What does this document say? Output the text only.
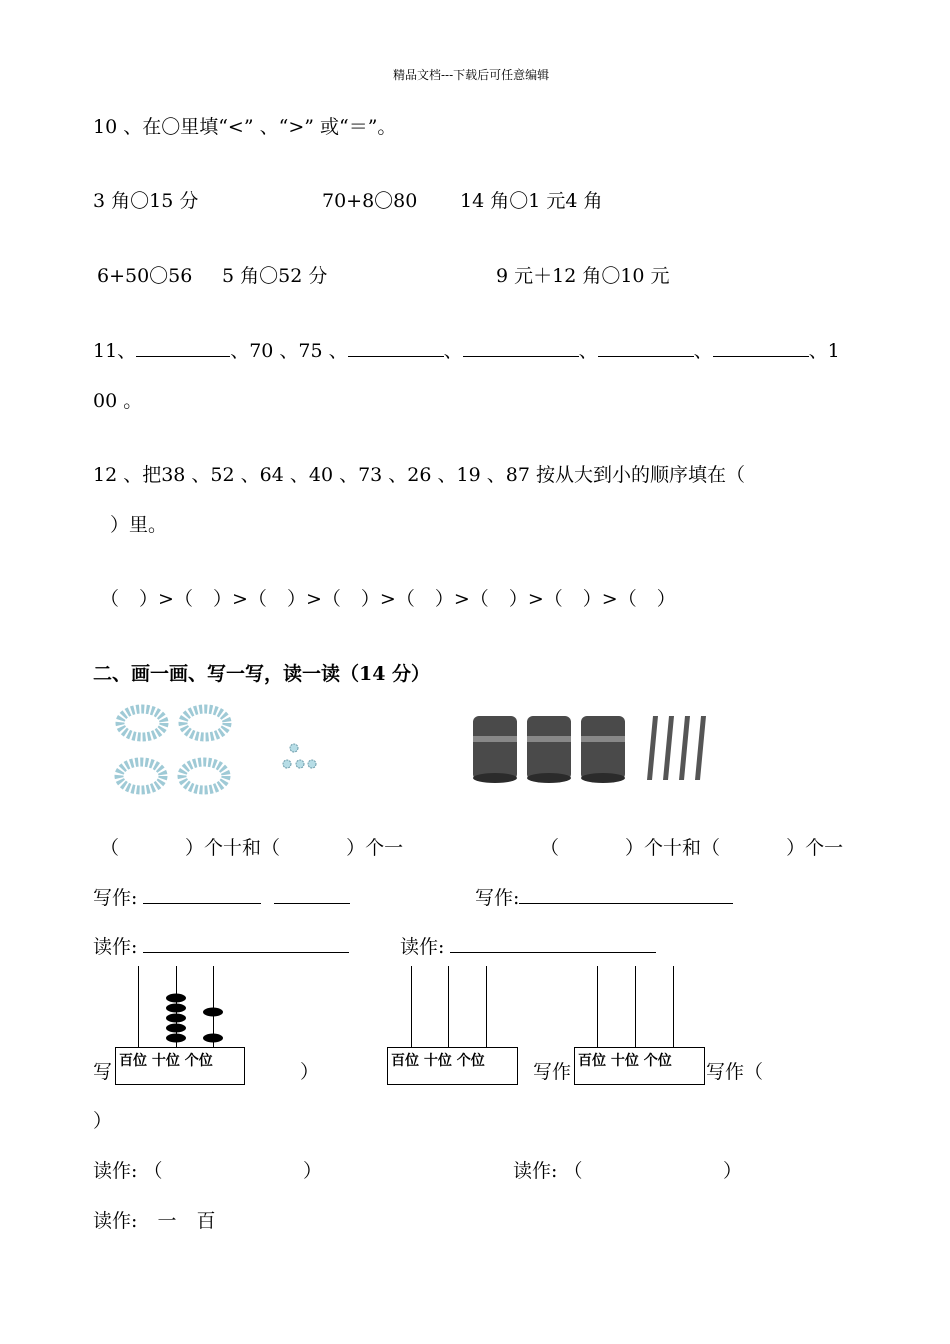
精品文档---下载后可任意编辑
10 、在〇里填“<” 、“>” 或“＝”。
3 角〇15 分	70+8〇80 14 角〇1 元4 角
6+50〇56 5 角〇52 分	9 元＋12 角〇10 元
11、	、70 、75 、	、	、	、	、1
00 。
12 、把38 、52 、64 、40 、73 、26 、19 、87 按从大到小的顺序填在（
）里。
（ ）>（ ）>（ ）>（ ）>（ ）>（ ）>（ ）>（ ）
二、画一画、写一写，读一读（14 分）
（ ）个十和（ ）个一	（ ）个十和（ ）个一
写作:	写作:
读作:	读作:
写	）	写作	写作（
）
百位 十位 个位	百位 十位 个位	百位 十位 个位
读作: （	）	读作: （	）
读作: 一 百
